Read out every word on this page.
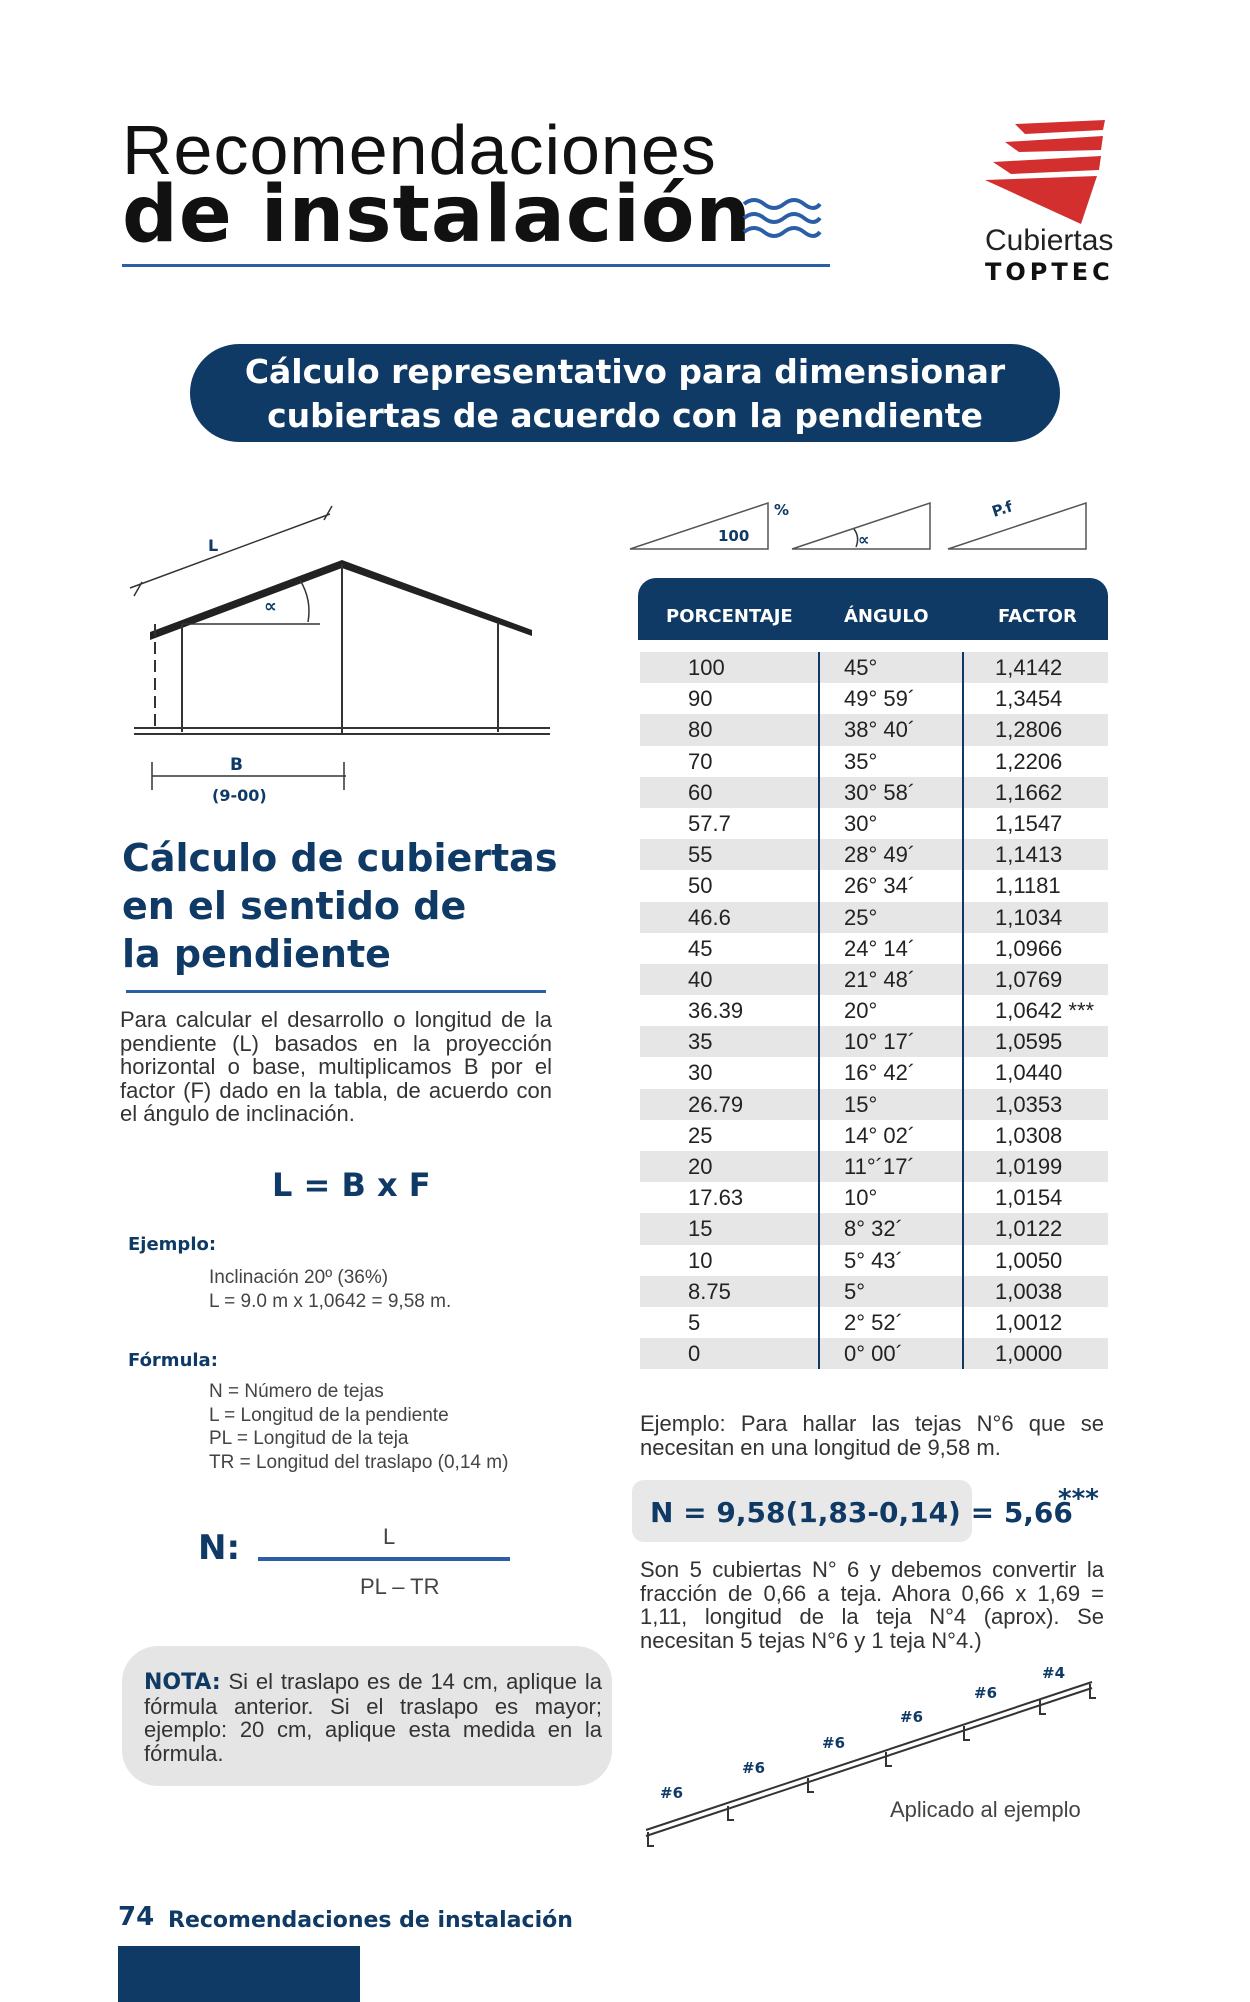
Recomendaciones
de instalación	Cubiertas
TOPTEC
Cálculo representativo para dimensionar
cubiertas de acuerdo con la pendiente
L
∝
B
(9-00)
100
%
∝
P.f
PORCENTAJE	ÁNGULO	FACTOR
100	45°	1,4142
90	49° 59´	1,3454
80	38° 40´	1,2806
70	35°	1,2206
60	30° 58´	1,1662
57.7	30°	1,1547
55	28° 49´	1,1413
50	26° 34´	1,1181
46.6	25°	1,1034
45	24° 14´	1,0966
40	21° 48´	1,0769
36.39	20°	1,0642 ***
35	10° 17´	1,0595
30	16° 42´	1,0440
26.79	15°	1,0353
25	14° 02´	1,0308
20	11°´17´	1,0199
17.63	10°	1,0154
15	8° 32´	1,0122
10	5° 43´	1,0050
8.75	5°	1,0038
5	2° 52´	1,0012
0	0° 00´	1,0000
Cálculo de cubiertas
en el sentido de
la pendiente
Para calcular el desarrollo o longitud de la pendiente (L) basados en la proyección horizontal o base, multiplicamos B por el factor (F) dado en la tabla, de acuerdo con el ángulo de inclinación.
L = B x F
Ejemplo:
Inclinación 20º (36%)
L = 9.0 m x 1,0642 = 9,58 m.
Fórmula:
N = Número de tejas
L = Longitud de la pendiente
PL = Longitud de la teja
TR = Longitud del traslapo (0,14 m)
N:	L
PL – TR
NOTA: Si el traslapo es de 14 cm, aplique la fórmula anterior. Si el traslapo es mayor; ejemplo: 20 cm, aplique esta medida en la fórmula.
Ejemplo: Para hallar las tejas N°6 que se necesitan en una longitud de 9,58 m.
N = 9,58(1,83-0,14) = 5,66
***
Son 5 cubiertas N° 6 y debemos convertir la fracción de 0,66 a teja. Ahora 0,66 x 1,69 = 1,11, longitud de la teja N°4 (aprox). Se necesitan 5 tejas N°6 y 1 teja N°4.)
#6
#6
#6
#6
#6
#4
Aplicado al ejemplo
74 Recomendaciones de instalación
